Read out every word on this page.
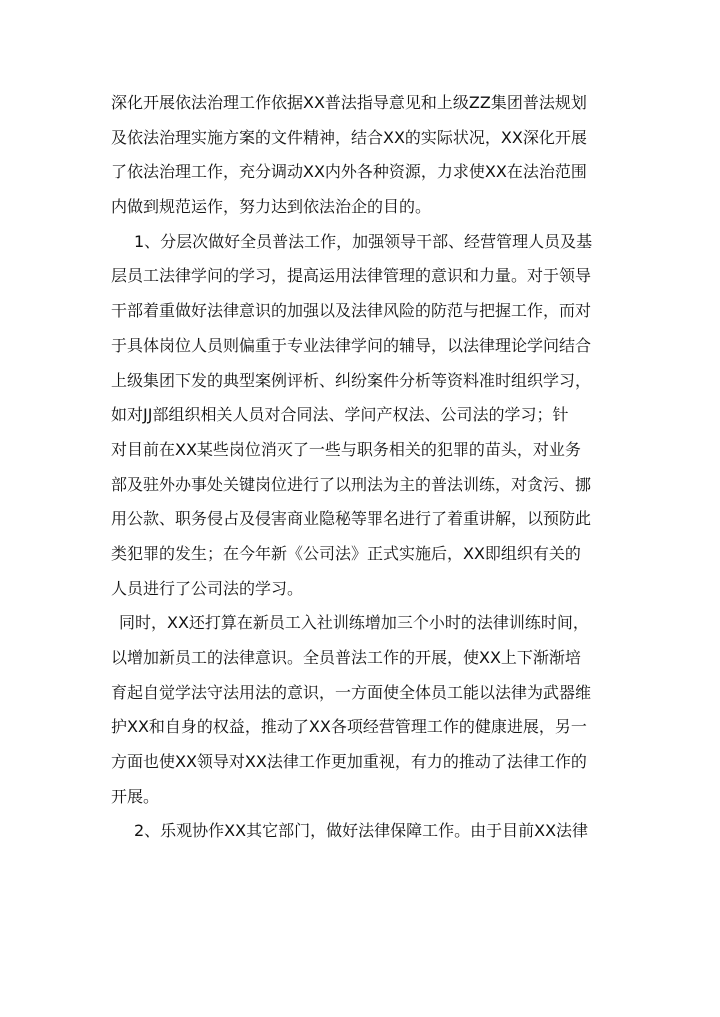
深化开展依法治理工作依据XX普法指导意见和上级ZZ集团普法规划
及依法治理实施方案的文件精神，结合XX的实际状况，XX深化开展
了依法治理工作，充分调动XX内外各种资源，力求使XX在法治范围
内做到规范运作，努力达到依法治企的目的。
1、分层次做好全员普法工作，加强领导干部、经营管理人员及基
层员工法律学问的学习，提高运用法律管理的意识和力量。对于领导
干部着重做好法律意识的加强以及法律风险的防范与把握工作，而对
于具体岗位人员则偏重于专业法律学问的辅导，以法律理论学问结合
上级集团下发的典型案例评析、纠纷案件分析等资料准时组织学习，
如对JJ部组织相关人员对合同法、学问产权法、公司法的学习；针
对目前在XX某些岗位消灭了一些与职务相关的犯罪的苗头，对业务
部及驻外办事处关键岗位进行了以刑法为主的普法训练，对贪污、挪
用公款、职务侵占及侵害商业隐秘等罪名进行了着重讲解，以预防此
类犯罪的发生；在今年新《公司法》正式实施后，XX即组织有关的
人员进行了公司法的学习。
同时，XX还打算在新员工入社训练增加三个小时的法律训练时间，
以增加新员工的法律意识。全员普法工作的开展，使XX上下渐渐培
育起自觉学法守法用法的意识，一方面使全体员工能以法律为武器维
护XX和自身的权益，推动了XX各项经营管理工作的健康进展，另一
方面也使XX领导对XX法律工作更加重视，有力的推动了法律工作的
开展。
2、乐观协作XX其它部门，做好法律保障工作。由于目前XX法律
